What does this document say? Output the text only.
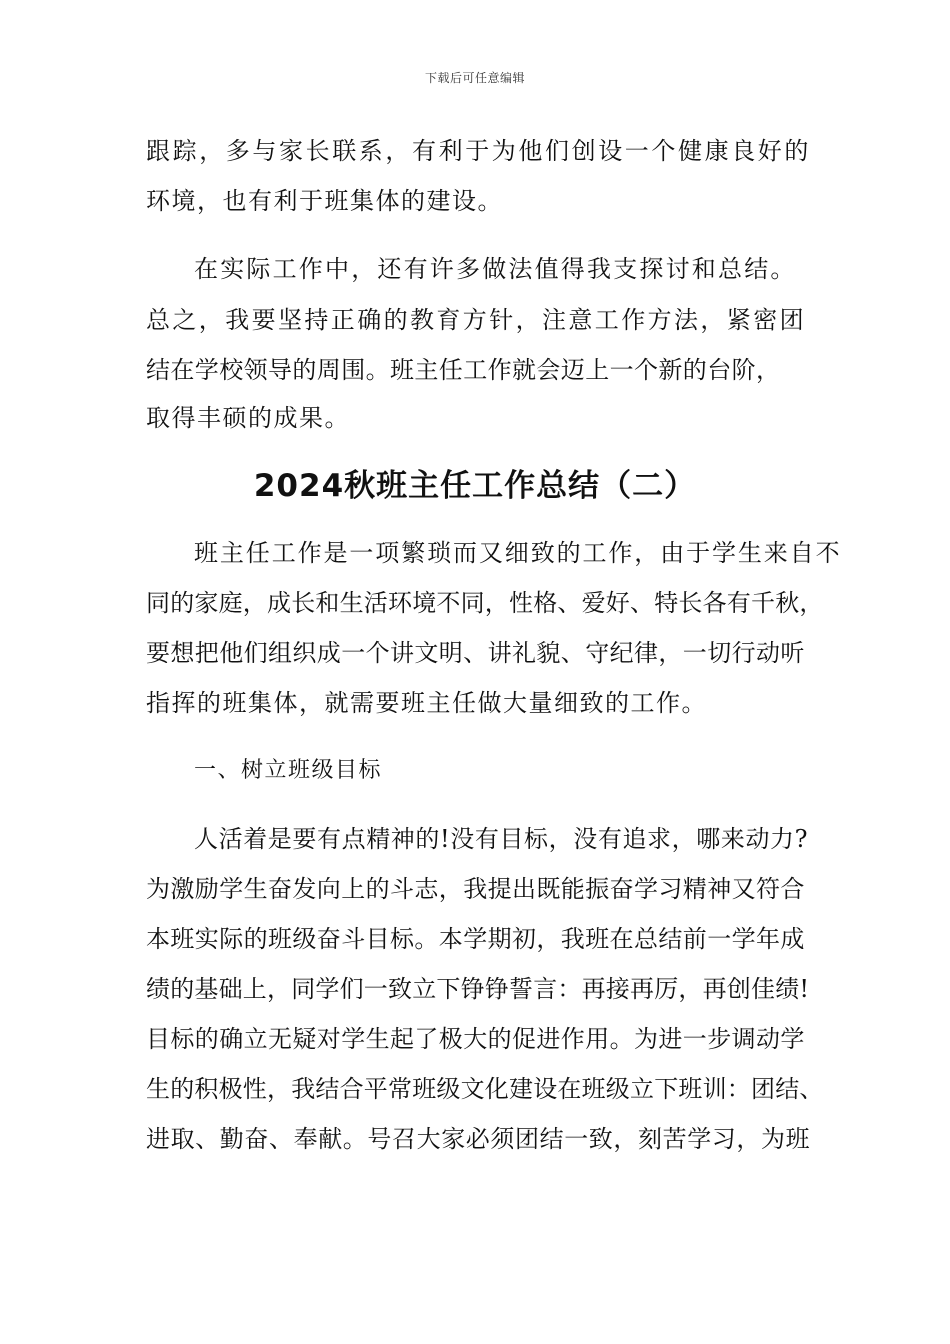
下载后可任意编辑
跟踪，多与家长联系，有利于为他们创设一个健康良好的
环境，也有利于班集体的建设。
在实际工作中，还有许多做法值得我支探讨和总结。
总之，我要坚持正确的教育方针，注意工作方法，紧密团
结在学校领导的周围。班主任工作就会迈上一个新的台阶，
取得丰硕的成果。
2024秋班主任工作总结（二）
班主任工作是一项繁琐而又细致的工作，由于学生来自不
同的家庭，成长和生活环境不同，性格、爱好、特长各有千秋，
要想把他们组织成一个讲文明、讲礼貌、守纪律，一切行动听
指挥的班集体，就需要班主任做大量细致的工作。
一、树立班级目标
人活着是要有点精神的!没有目标，没有追求，哪来动力?
为激励学生奋发向上的斗志，我提出既能振奋学习精神又符合
本班实际的班级奋斗目标。本学期初，我班在总结前一学年成
绩的基础上，同学们一致立下铮铮誓言：再接再厉，再创佳绩!
目标的确立无疑对学生起了极大的促进作用。为进一步调动学
生的积极性，我结合平常班级文化建设在班级立下班训：团结、
进取、勤奋、奉献。号召大家必须团结一致，刻苦学习，为班
